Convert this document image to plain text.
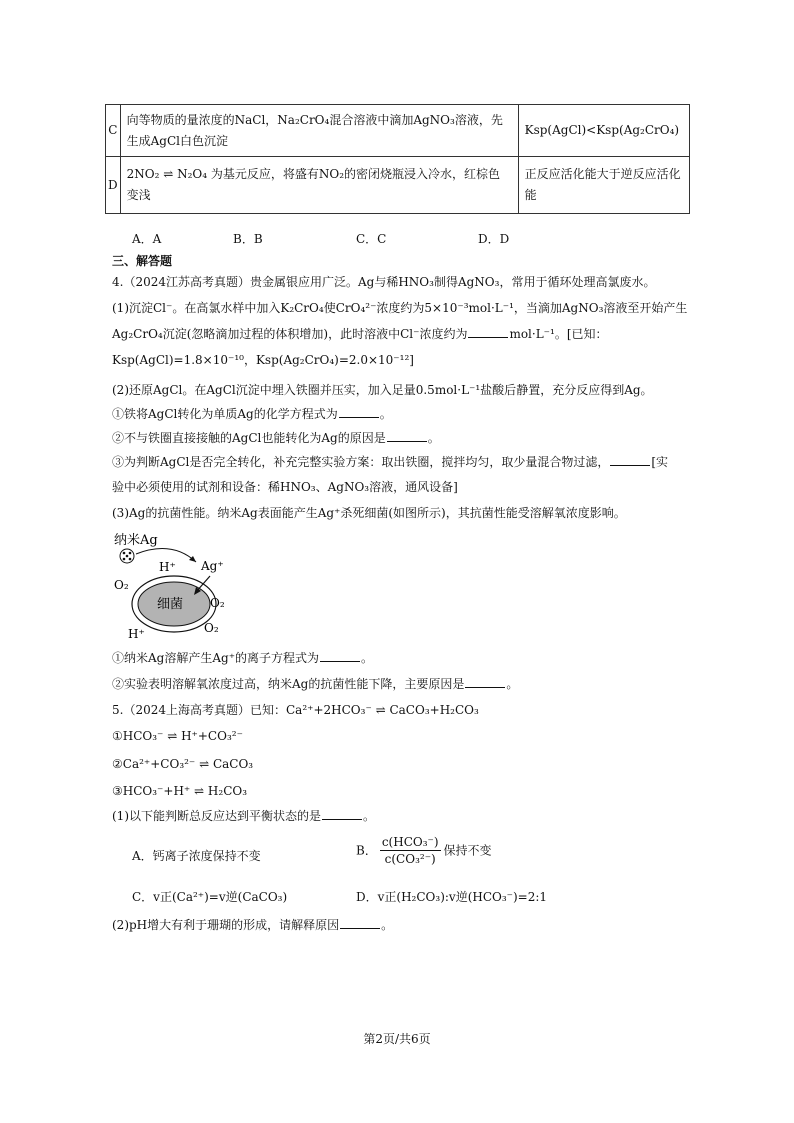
C	向等物质的量浓度的NaCl，Na₂CrO₄混合溶液中滴加AgNO₃溶液，先生成AgCl白色沉淀	Ksp(AgCl)<Ksp(Ag₂CrO₄)
D	2NO₂ ⇌ N₂O₄ 为基元反应，将盛有NO₂的密闭烧瓶浸入冷水，红棕色变浅	正反应活化能大于逆反应活化能
A．A	B．B	C．C	D．D
三、解答题
4.（2024江苏高考真题）贵金属银应用广泛。Ag与稀HNO₃制得AgNO₃，常用于循环处理高氯废水。
(1)沉淀Cl⁻。在高氯水样中加入K₂CrO₄使CrO₄²⁻浓度约为5×10⁻³mol·L⁻¹，当滴加AgNO₃溶液至开始产生
Ag₂CrO₄沉淀(忽略滴加过程的体积增加)，此时溶液中Cl⁻浓度约为	mol·L⁻¹。[已知：
Ksp(AgCl)=1.8×10⁻¹⁰，Ksp(Ag₂CrO₄)=2.0×10⁻¹²]
(2)还原AgCl。在AgCl沉淀中埋入铁圈并压实，加入足量0.5mol·L⁻¹盐酸后静置，充分反应得到Ag。
①铁将AgCl转化为单质Ag的化学方程式为	。
②不与铁圈直接接触的AgCl也能转化为Ag的原因是	。
③为判断AgCl是否完全转化，补充完整实验方案：取出铁圈，搅拌均匀，取少量混合物过滤，	[实
验中必须使用的试剂和设备：稀HNO₃、AgNO₃溶液，通风设备]
(3)Ag的抗菌性能。纳米Ag表面能产生Ag⁺杀死细菌(如图所示)，其抗菌性能受溶解氧浓度影响。
纳米Ag
H⁺ Ag⁺
细菌
O₂
O₂
O₂
H⁺
①纳米Ag溶解产生Ag⁺的离子方程式为	。
②实验表明溶解氧浓度过高，纳米Ag的抗菌性能下降，主要原因是	。
5.（2024上海高考真题）已知：Ca²⁺+2HCO₃⁻ ⇌ CaCO₃+H₂CO₃
①HCO₃⁻ ⇌ H⁺+CO₃²⁻
②Ca²⁺+CO₃²⁻ ⇌ CaCO₃
③HCO₃⁻+H⁺ ⇌ H₂CO₃
(1)以下能判断总反应达到平衡状态的是	。
A．钙离子浓度保持不变	B． $\frac{\text{c(HCO₃⁻)}}{\text{c(CO₃²⁻)}}$ 保持不变
C．v正(Ca²⁺)=v逆(CaCO₃)	D．v正(H₂CO₃):v逆(HCO₃⁻)=2:1
(2)pH增大有利于珊瑚的形成，请解释原因	。
第2页/共6页
